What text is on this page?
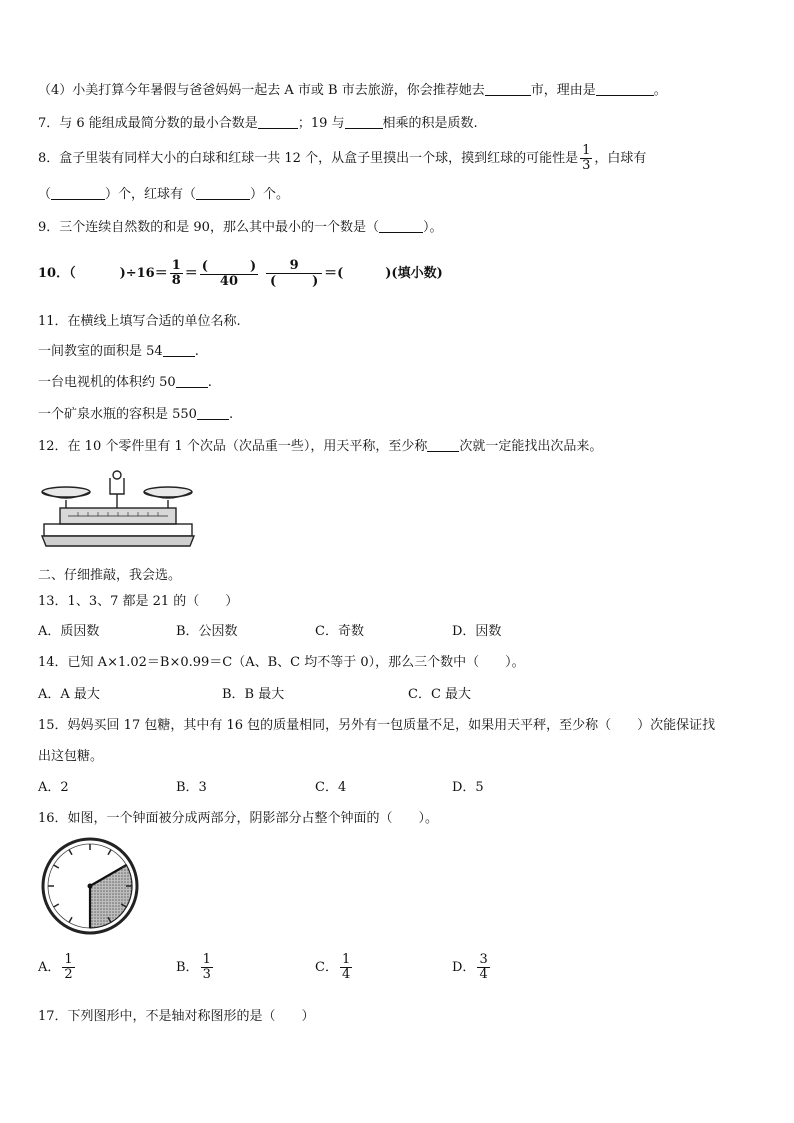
（4）小美打算今年暑假与爸爸妈妈一起去 A 市或 B 市去旅游，你会推荐她去	市，理由是	。
7．与 6 能组成最简分数的最小合数是	；19 与	相乘的积是质数.
8．盒子里装有同样大小的白球和红球一共 12 个，从盒子里摸出一个球，摸到红球的可能性是 $\frac{1}{3}$ ，白球有
（	）个，红球有（	）个。
9．三个连续自然数的和是 90，那么其中最小的一个数是（	）。
10．（	)$\div 16= \frac{1}{8}$ ＝ (	)
40 9
(	) ＝(	)(填小数)
11．在横线上填写合适的单位名称.
一间教室的面积是 54 .
一台电视机的体积约 50 .
一个矿泉水瓶的容积是 550 .
12．在 10 个零件里有 1 个次品（次品重一些），用天平称，至少称 次就一定能找出次品来。
二、仔细推敲，我会选。
13．1、3、7 都是 21 的（　　）
A．质因数	B．公因数	C．奇数	D．因数
14．已知 A×1.02＝B×0.99＝C（A、B、C 均不等于 0），那么三个数中（　　）。
A．A 最大	B．B 最大	C．C 最大
15．妈妈买回 17 包糖，其中有 16 包的质量相同，另外有一包质量不足，如果用天平秤，至少称（　　）次能保证找
出这包糖。
A．2	B．3	C．4	D．5
16．如图，一个钟面被分成两部分，阴影部分占整个钟面的（　　）。
A． $\frac{1}{2}$	B． $\frac{1}{3}$	C． $\frac{1}{4}$	D． $\frac{3}{4}$
17．下列图形中，不是轴对称图形的是（　　）
